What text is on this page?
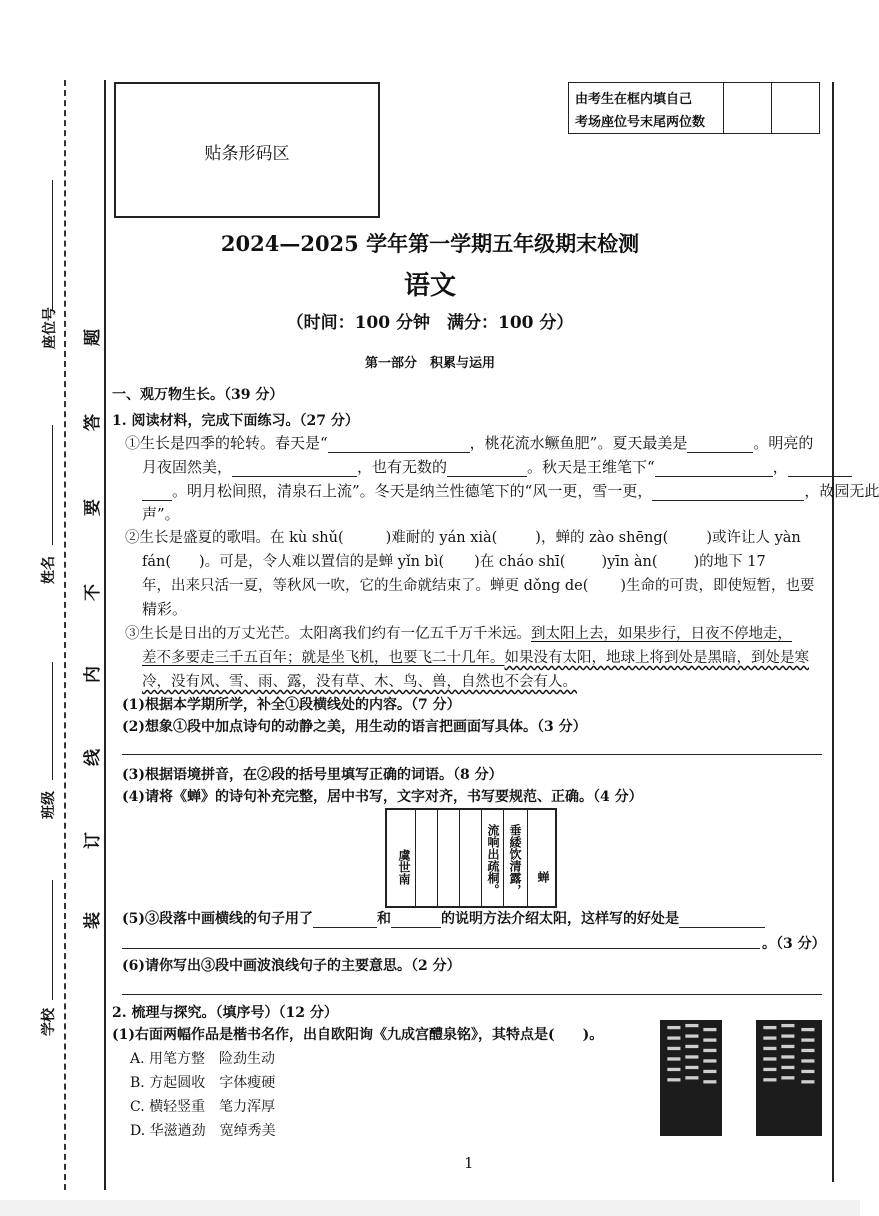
座位号
姓名
班级
学校
题
答
要
不
内
线
订
装
贴条形码区
由考生在框内填自己
考场座位号末尾两位数
2024—2025 学年第一学期五年级期末检测
语文
（时间：100 分钟　满分：100 分）
第一部分　积累与运用
一、观万物生长。（39 分）
1. 阅读材料，完成下面练习。（27 分）
①生长是四季的轮转。春天是“	，桃花流水鳜鱼肥”。夏天最美是	。明亮的
月夜固然美，	，也有无数的	。秋天是王维笔下“	，
。明月松间照，清泉石上流”。冬天是纳兰性德笔下的“风一更，雪一更，	，故园无此
声”。
②生长是盛夏的歌唱。在 kù shǔ(	)难耐的 yán xià(	)，蝉的 zào shēng(	)或许让人 yàn
fán( )。可是，令人难以置信的是蝉 yǐn bì( )在 cháo shī( )yīn àn( )的地下 17
年，出来只活一夏，等秋风一吹，它的生命就结束了。蝉更 dǒng de( )生命的可贵，即使短暂，也要
精彩。
③生长是日出的万丈光芒。太阳离我们约有一亿五千万千米远。到太阳上去，如果步行，日夜不停地走，
差不多要走三千五百年；就是坐飞机，也要飞二十几年。如果没有太阳，地球上将到处是黑暗，到处是寒
冷，没有风、雪、雨、露，没有草、木、鸟、兽，自然也不会有人。
(1)根据本学期所学，补全①段横线处的内容。（7 分）
(2)想象①段中加点诗句的动静之美，用生动的语言把画面写具体。（3 分）
(3)根据语境拼音，在②段的括号里填写正确的词语。（8 分）
(4)请将《蝉》的诗句补充完整，居中书写，文字对齐，书写要规范、正确。（4 分）
虞世南	流响出疏桐。 垂緌饮清露，	蝉
(5)③段落中画横线的句子用了	和	的说明方法介绍太阳，这样写的好处是
。（3 分）
(6)请你写出③段中画波浪线句子的主要意思。（2 分）
2. 梳理与探究。（填序号）（12 分）
(1)右面两幅作品是楷书名作，出自欧阳询《九成宫醴泉铭》，其特点是(　　)。
A. 用笔方整　险劲生动
B. 方起圆收　字体瘦硬
C. 横轻竖重　笔力浑厚
D. 华滋遒劲　宽绰秀美
▍▍▍▍▍▍ ▍▍▍▍▍▍ ▍▍▍▍▍▍	▍▍▍▍▍▍ ▍▍▍▍▍▍ ▍▍▍▍▍▍
1
